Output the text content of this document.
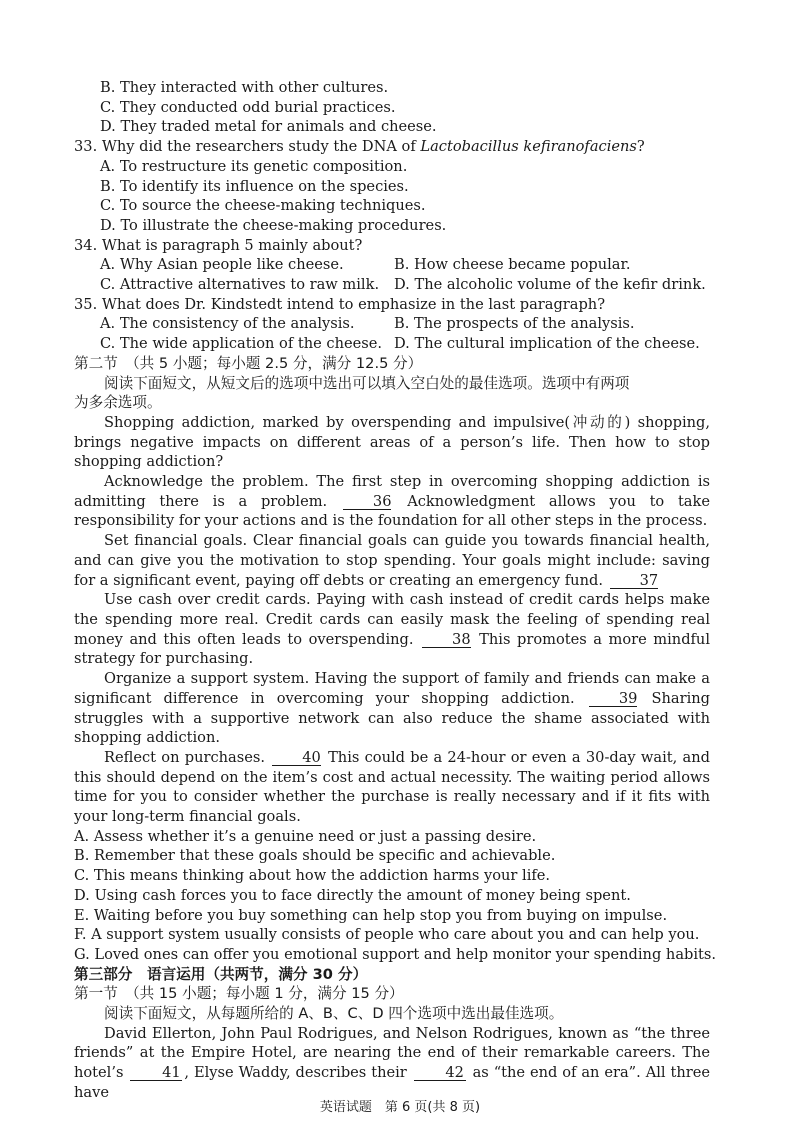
B. They interacted with other cultures.
C. They conducted odd burial practices.
D. They traded metal for animals and cheese.
33. Why did the researchers study the DNA of Lactobacillus kefiranofaciens?
A. To restructure its genetic composition.
B. To identify its influence on the species.
C. To source the cheese-making techniques.
D. To illustrate the cheese-making procedures.
34. What is paragraph 5 mainly about?
A. Why Asian people like cheese.	B. How cheese became popular.
C. Attractive alternatives to raw milk.	D. The alcoholic volume of the kefir drink.
35. What does Dr. Kindstedt intend to emphasize in the last paragraph?
A. The consistency of the analysis.	B. The prospects of the analysis.
C. The wide application of the cheese. D. The cultural implication of the cheese.
第二节　（共 5 小题；每小题 2.5 分，满分 12.5 分）
阅读下面短文，从短文后的选项中选出可以填入空白处的最佳选项。选项中有两项
为多余选项。
Shopping addiction, marked by overspending and impulsive(冲动的) shopping, brings negative impacts on different areas of a person’s life. Then how to stop shopping addiction?
Acknowledge the problem. The first step in overcoming shopping addiction is admitting there is a problem. 36 Acknowledgment allows you to take responsibility for your actions and is the foundation for all other steps in the process.
Set financial goals. Clear financial goals can guide you towards financial health, and can give you the motivation to stop spending. Your goals might include: saving for a significant event, paying off debts or creating an emergency fund. 37
Use cash over credit cards. Paying with cash instead of credit cards helps make the spending more real. Credit cards can easily mask the feeling of spending real money and this often leads to overspending. 38 This promotes a more mindful strategy for purchasing.
Organize a support system. Having the support of family and friends can make a significant difference in overcoming your shopping addiction. 39 Sharing struggles with a supportive network can also reduce the shame associated with shopping addiction.
Reflect on purchases. 40 This could be a 24-hour or even a 30-day wait, and this should depend on the item’s cost and actual necessity. The waiting period allows time for you to consider whether the purchase is really necessary and if it fits with your long-term financial goals.
A. Assess whether it’s a genuine need or just a passing desire.
B. Remember that these goals should be specific and achievable.
C. This means thinking about how the addiction harms your life.
D. Using cash forces you to face directly the amount of money being spent.
E. Waiting before you buy something can help stop you from buying on impulse.
F. A support system usually consists of people who care about you and can help you.
G. Loved ones can offer you emotional support and help monitor your spending habits.
第三部分　语言运用（共两节，满分 30 分）
第一节　（共 15 小题；每小题 1 分，满分 15 分）
阅读下面短文，从每题所给的 A、B、C、D 四个选项中选出最佳选项。
David Ellerton, John Paul Rodrigues, and Nelson Rodrigues, known as “the three friends” at the Empire Hotel, are nearing the end of their remarkable careers. The hotel’s 41 , Elyse Waddy, describes their 42 as “the end of an era”. All three have
英语试题　第 6 页(共 8 页)
